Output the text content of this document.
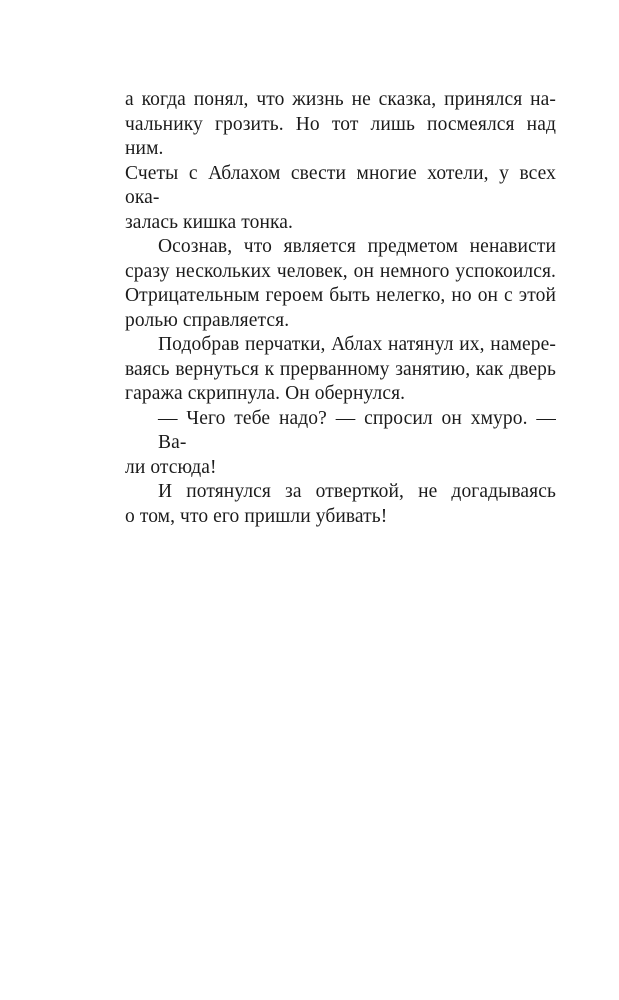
а когда понял, что жизнь не сказка, принялся на-
чальнику грозить. Но тот лишь посмеялся над ним.
Счеты с Аблахом свести многие хотели, у всех ока-
залась кишка тонка.
Осознав, что является предметом ненависти
сразу нескольких человек, он немного успокоился.
Отрицательным героем быть нелегко, но он с этой
ролью справляется.
Подобрав перчатки, Аблах натянул их, намере-
ваясь вернуться к прерванному занятию, как дверь
гаража скрипнула. Он обернулся.
— Чего тебе надо? — спросил он хмуро. — Ва-
ли отсюда!
И потянулся за отверткой, не догадываясь
о том, что его пришли убивать!
